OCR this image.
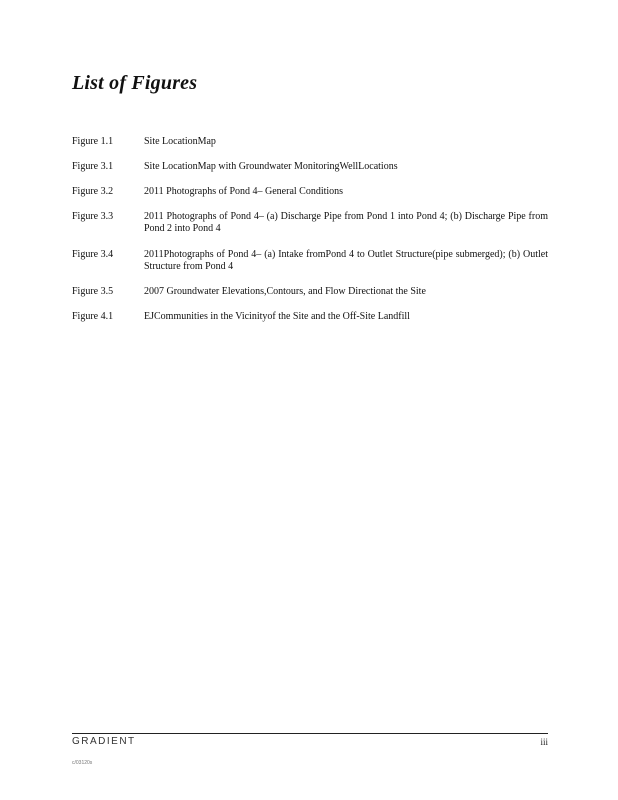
List of Figures
Figure 1.1	Site LocationMap
Figure 3.1	Site LocationMap with Groundwater MonitoringWellLocations
Figure 3.2	2011 Photographs of Pond 4– General Conditions
Figure 3.3	2011 Photographs of Pond 4– (a) Discharge Pipe from Pond 1 into Pond 4; (b) Discharge Pipe from Pond 2 into Pond 4
Figure 3.4	2011Photographs of Pond 4– (a) Intake fromPond 4 to Outlet Structure(pipe submerged); (b) Outlet Structure from Pond 4
Figure 3.5	2007 Groundwater Elevations,Contours, and Flow Directionat the Site
Figure 4.1	EJCommunities in the Vicinityof the Site and the Off-Site Landfill
GRADIENT	iii
c/03120s
